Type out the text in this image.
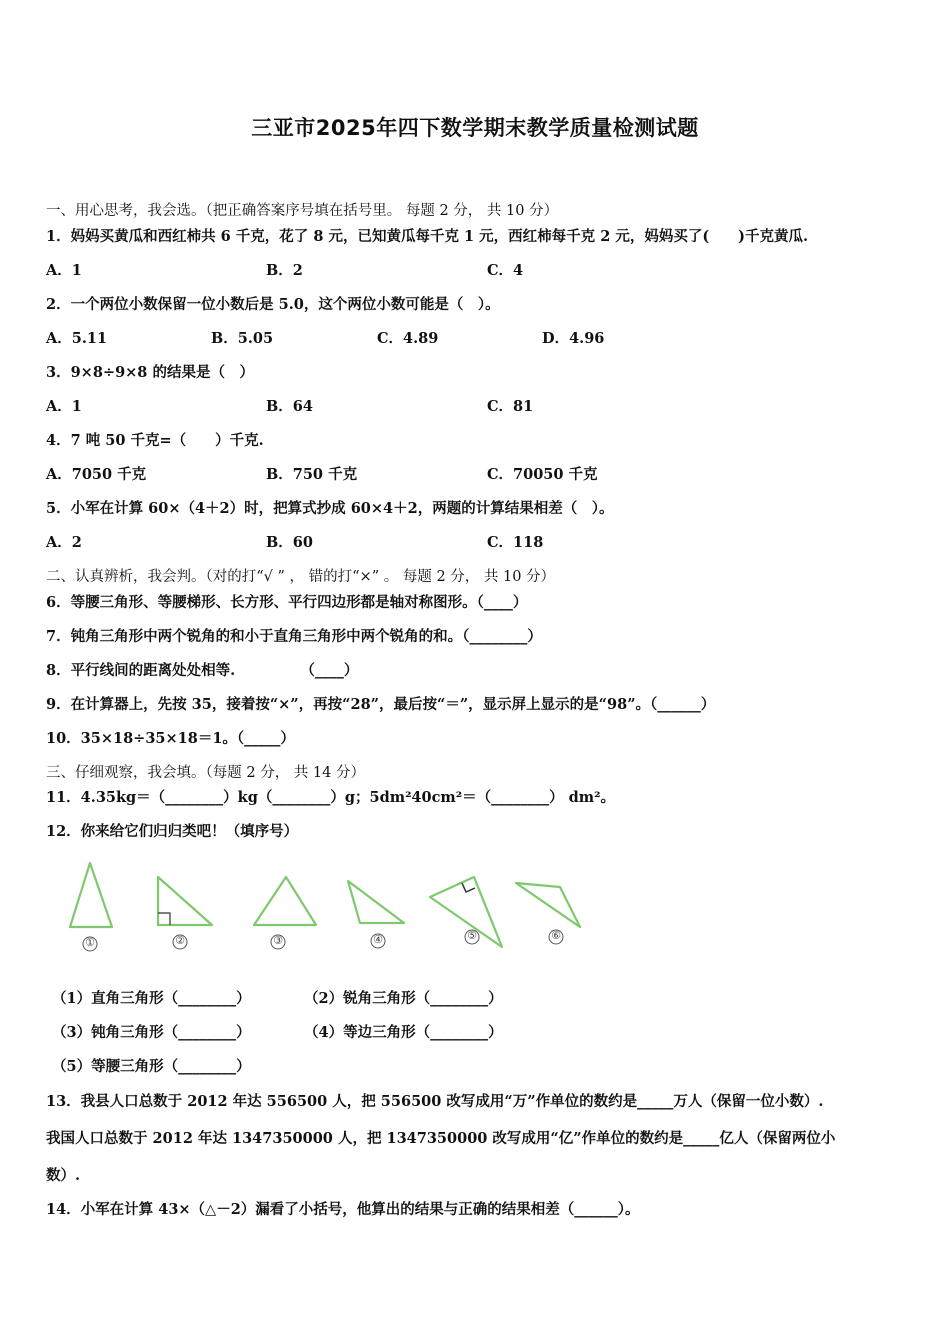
三亚市2025年四下数学期末教学质量检测试题
一、用心思考，我会选。（把正确答案序号填在括号里。 每题 2 分， 共 10 分）
1．妈妈买黄瓜和西红柿共 6 千克，花了 8 元，已知黄瓜每千克 1 元，西红柿每千克 2 元，妈妈买了(　　)千克黄瓜.
A．1	B．2	C．4
2．一个两位小数保留一位小数后是 5.0，这个两位小数可能是（　）。
A．5.11	B．5.05	C．4.89	D．4.96
3．9×8÷9×8 的结果是（　）
A．1	B．64	C．81
4．7 吨 50 千克=（　　）千克.
A．7050 千克	B．750 千克	C．70050 千克
5．小军在计算 60×（4＋2）时，把算式抄成 60×4＋2，两题的计算结果相差（　）。
A．2	B．60	C．118
二、认真辨析，我会判。（对的打“√ ” ， 错的打“×” 。 每题 2 分， 共 10 分）
6．等腰三角形、等腰梯形、长方形、平行四边形都是轴对称图形。（____）
7．钝角三角形中两个锐角的和小于直角三角形中两个锐角的和。（________）
8．平行线间的距离处处相等.　　　　　（____）
9．在计算器上，先按 35，接着按“×”，再按“28”，最后按“＝”，显示屏上显示的是“98”。（______）
10．35×18÷35×18＝1。（_____）
三、仔细观察，我会填。（每题 2 分， 共 14 分）
11．4.35kg＝（________）kg（________）g；5dm²40cm²＝（________） dm²。
12．你来给它们归归类吧！（填序号）
①	②	③	④	⑤	⑥
（1）直角三角形（________）	（2）锐角三角形（________）
（3）钝角三角形（________）	（4）等边三角形（________）
（5）等腰三角形（________）
13．我县人口总数于 2012 年达 556500 人，把 556500 改写成用“万”作单位的数约是_____万人（保留一位小数）.
我国人口总数于 2012 年达 1347350000 人，把 1347350000 改写成用“亿”作单位的数约是_____亿人（保留两位小
数）.
14．小军在计算 43×（△－2）漏看了小括号，他算出的结果与正确的结果相差（______）。
